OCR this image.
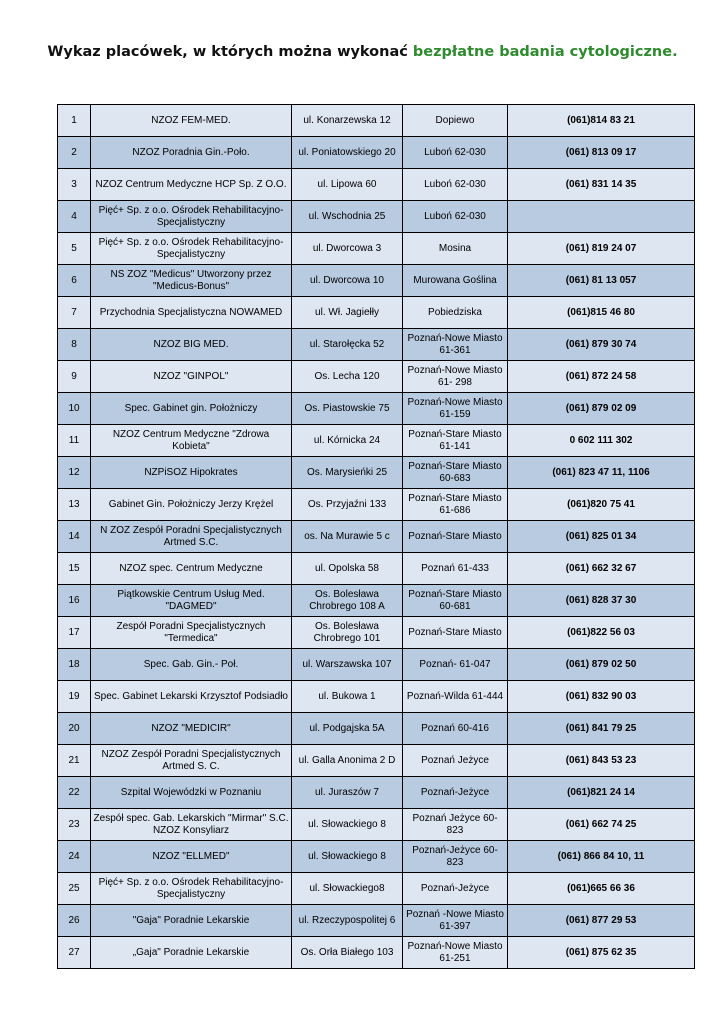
Wykaz placówek, w których można wykonać bezpłatne badania cytologiczne.
1	NZOZ FEM-MED.	ul. Konarzewska 12	Dopiewo	(061)814 83 21
2	NZOZ Poradnia Gin.-Poło.	ul. Poniatowskiego 20	Luboń 62-030	(061) 813 09 17
3	NZOZ Centrum Medyczne HCP Sp. Z O.O.	ul. Lipowa 60	Luboń 62-030	(061) 831 14 35
4	Pięć+ Sp. z o.o. Ośrodek Rehabilitacyjno-Specjalistyczny	ul. Wschodnia 25	Luboń 62-030	
5	Pięć+ Sp. z o.o. Ośrodek Rehabilitacyjno-Specjalistyczny	ul. Dworcowa 3	Mosina	(061) 819 24 07
6	NS ZOZ "Medicus" Utworzony przez "Medicus-Bonus"	ul. Dworcowa 10	Murowana Goślina	(061) 81 13 057
7	Przychodnia Specjalistyczna NOWAMED	ul. Wł. Jagiełły	Pobiedziska	(061)815 46 80
8	NZOZ BIG MED.	ul. Starołęcka 52	Poznań-Nowe Miasto 61-361	(061) 879 30 74
9	NZOZ "GINPOL"	Os. Lecha 120	Poznań-Nowe Miasto 61- 298	(061) 872 24 58
10	Spec. Gabinet gin. Położniczy	Os. Piastowskie 75	Poznań-Nowe Miasto 61-159	(061) 879 02 09
11	NZOZ Centrum Medyczne "Zdrowa Kobieta"	ul. Kórnicka 24	Poznań-Stare Miasto 61-141	0 602 111 302
12	NZPiSOZ Hipokrates	Os. Marysieńki 25	Poznań-Stare Miasto 60-683	(061) 823 47 11, 1106
13	Gabinet Gin. Położniczy Jerzy Krężel	Os. Przyjaźni 133	Poznań-Stare Miasto 61-686	(061)820 75 41
14	N ZOZ Zespół Poradni Specjalistycznych Artmed S.C.	os. Na Murawie 5 c	Poznań-Stare Miasto	(061) 825 01 34
15	NZOZ spec. Centrum Medyczne	ul. Opolska 58	Poznań 61-433	(061) 662 32 67
16	Piątkowskie Centrum Usług Med. "DAGMED"	Os. Bolesława Chrobrego 108 A	Poznań-Stare Miasto 60-681	(061) 828 37 30
17	Zespół Poradni Specjalistycznych "Termedica"	Os. Bolesława Chrobrego 101	Poznań-Stare Miasto	(061)822 56 03
18	Spec. Gab. Gin.- Poł.	ul. Warszawska 107	Poznań- 61-047	(061) 879 02 50
19	Spec. Gabinet Lekarski Krzysztof Podsiadło	ul. Bukowa 1	Poznań-Wilda 61-444	(061) 832 90 03
20	NZOZ "MEDICIR"	ul. Podgajska 5A	Poznań 60-416	(061) 841 79 25
21	NZOZ Zespół Poradni Specjalistycznych Artmed S. C.	ul. Galla Anonima 2 D	Poznań Jeżyce	(061) 843 53 23
22	Szpital Wojewódzki w Poznaniu	ul. Juraszów 7	Poznań-Jeżyce	(061)821 24 14
23	Zespół spec. Gab. Lekarskich "Mirmar" S.C. NZOZ Konsyliarz	ul. Słowackiego 8	Poznań Jeżyce 60-823	(061) 662 74 25
24	NZOZ "ELLMED"	ul. Słowackiego 8	Poznań-Jeżyce 60-823	(061) 866 84 10, 11
25	Pięć+ Sp. z o.o. Ośrodek Rehabilitacyjno-Specjalistyczny	ul. Słowackiego8	Poznań-Jeżyce	(061)665 66 36
26	"Gaja" Poradnie Lekarskie	ul. Rzeczypospolitej 6	Poznań -Nowe Miasto 61-397	(061) 877 29 53
27	„Gaja" Poradnie Lekarskie	Os. Orła Białego 103	Poznań-Nowe Miasto 61-251	(061) 875 62 35
